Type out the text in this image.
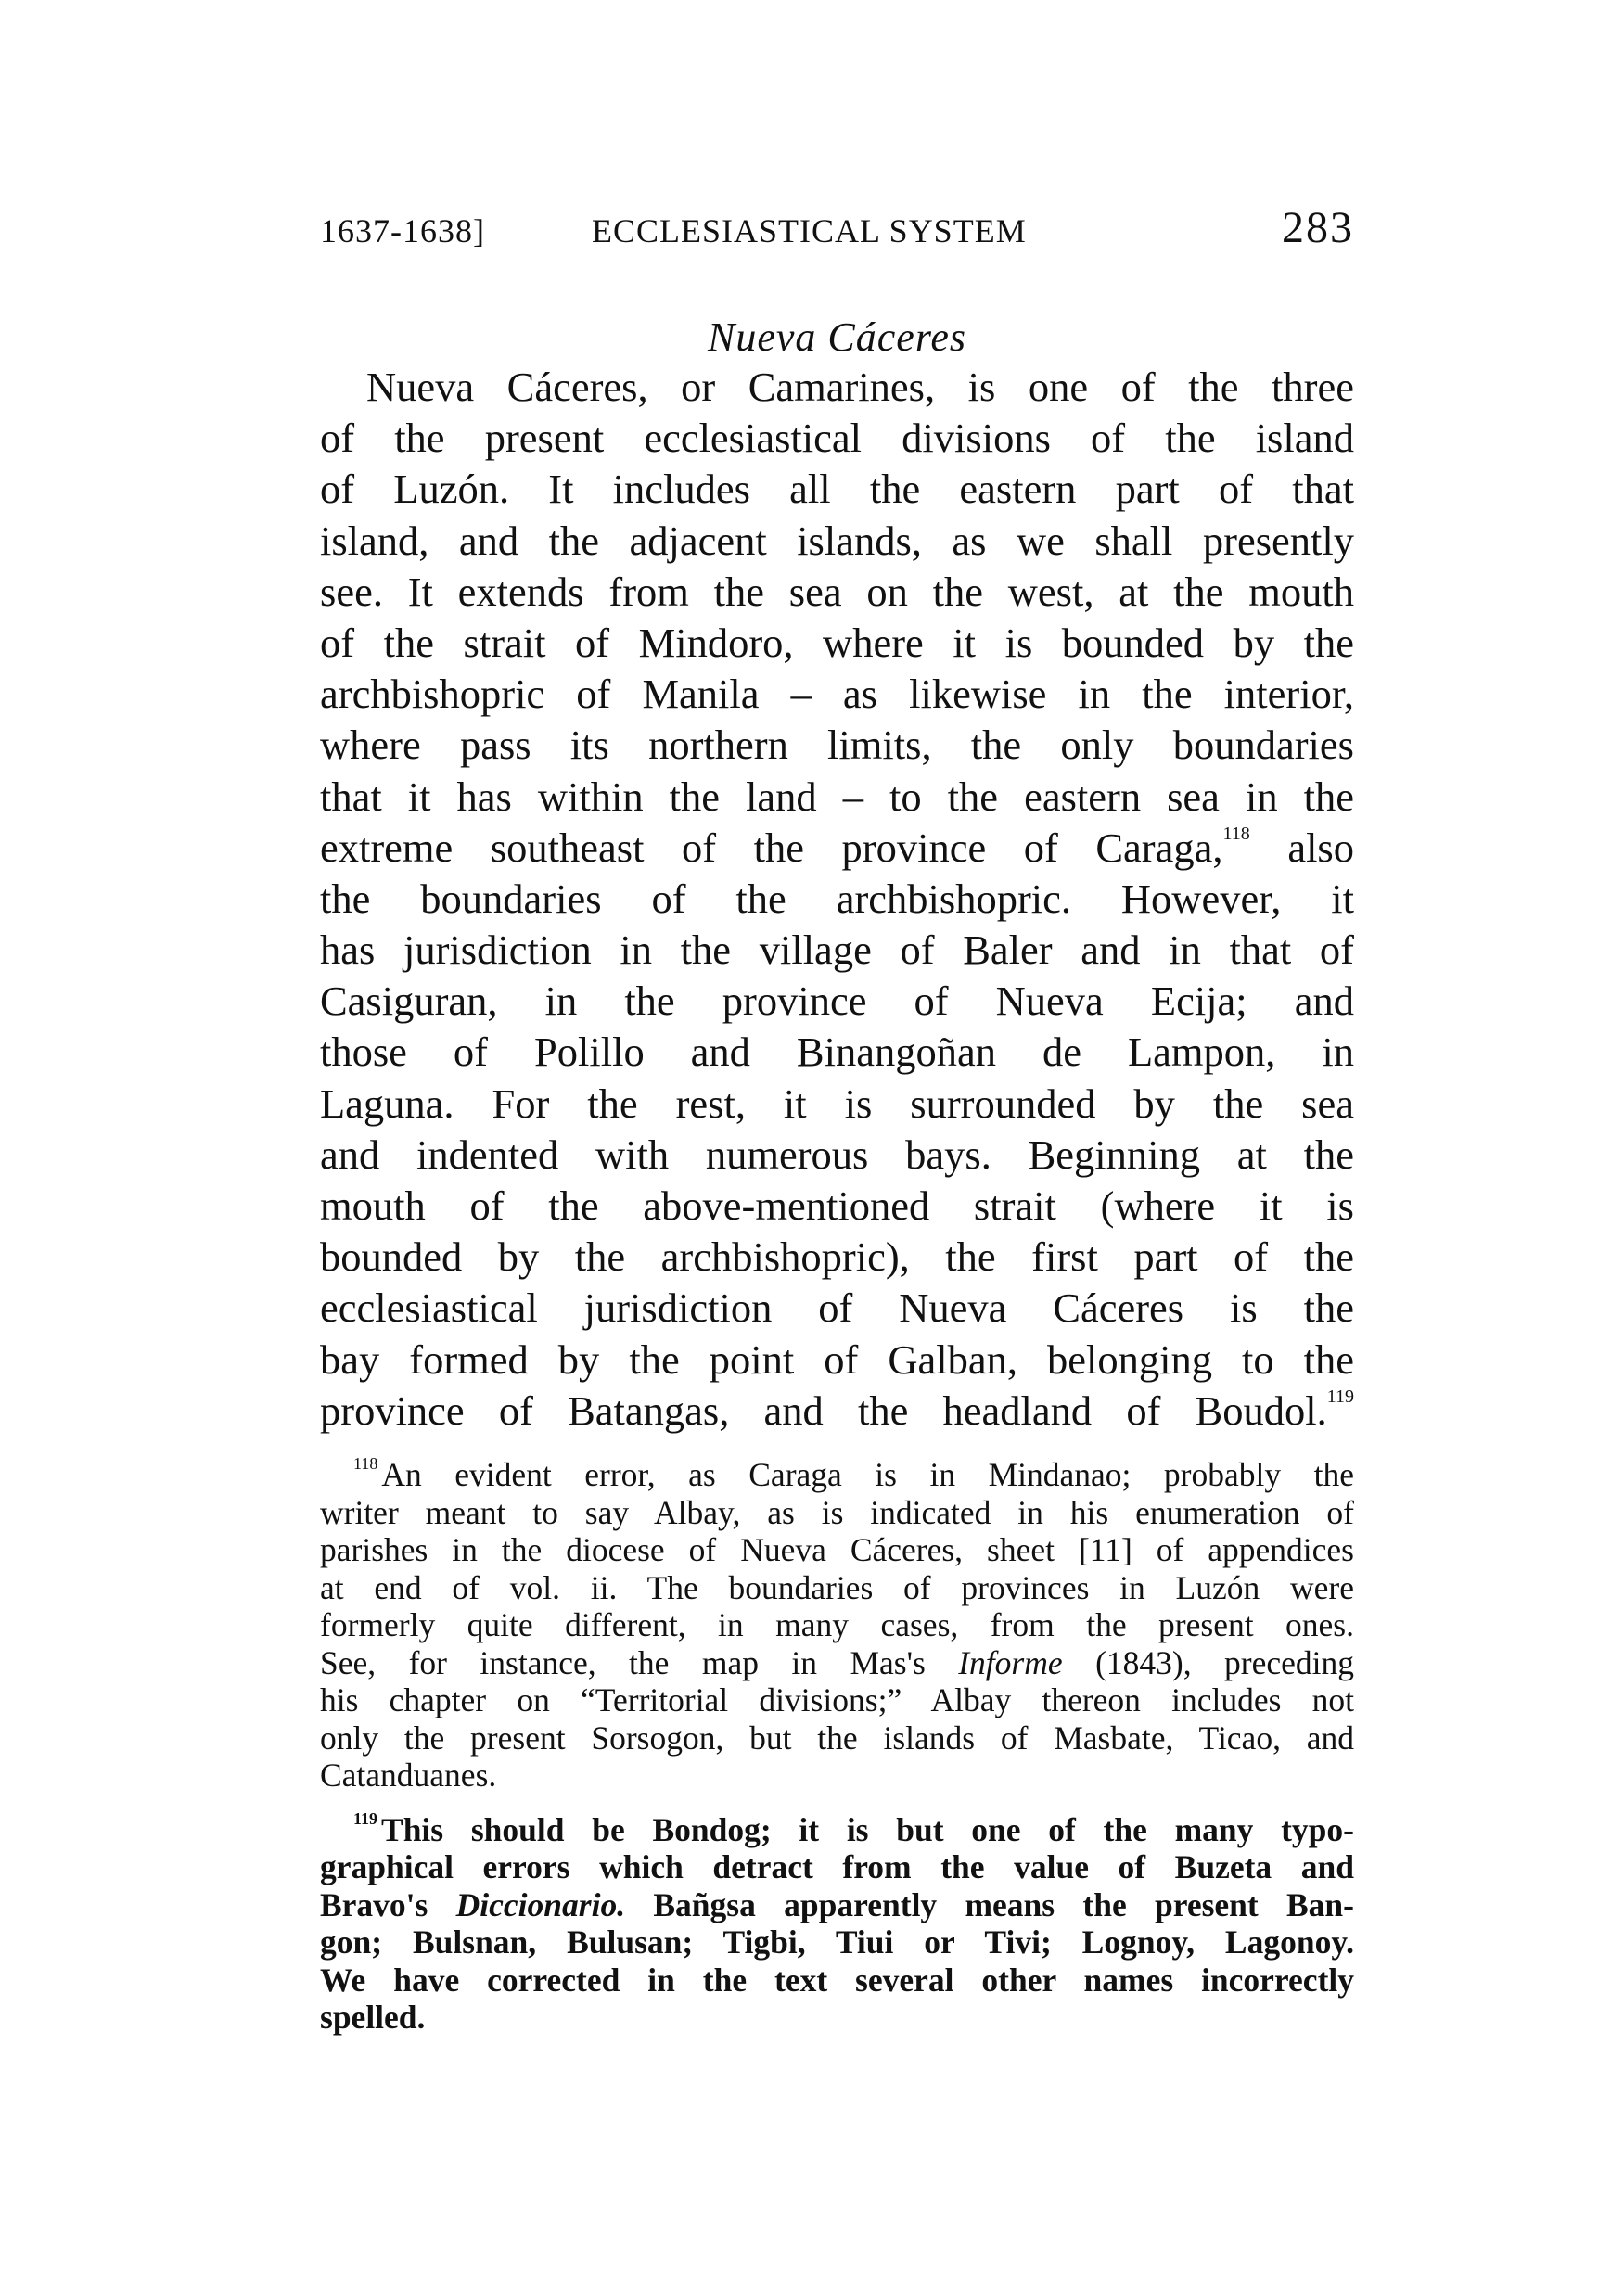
1637-1638]	ECCLESIASTICAL SYSTEM	283
Nueva Cáceres
Nueva Cáceres, or Camarines, is one of the three
of the present ecclesiastical divisions of the island
of Luzón. It includes all the eastern part of that
island, and the adjacent islands, as we shall presently
see. It extends from the sea on the west, at the mouth
of the strait of Mindoro, where it is bounded by the
archbishopric of Manila – as likewise in the interior,
where pass its northern limits, the only boundaries
that it has within the land – to the eastern sea in the
extreme southeast of the province of Caraga,$^{118}$ also
the boundaries of the archbishopric. However, it
has jurisdiction in the village of Baler and in that of
Casiguran, in the province of Nueva Ecija; and
those of Polillo and Binangoñan de Lampon, in
Laguna. For the rest, it is surrounded by the sea
and indented with numerous bays. Beginning at the
mouth of the above-mentioned strait (where it is
bounded by the archbishopric), the first part of the
ecclesiastical jurisdiction of Nueva Cáceres is the
bay formed by the point of Galban, belonging to the
province of Batangas, and the headland of Boudol.$^{119}$
$^{118}$ An evident error, as Caraga is in Mindanao; probably the
writer meant to say Albay, as is indicated in his enumeration of
parishes in the diocese of Nueva Cáceres, sheet [11] of appendices
at end of vol. ii. The boundaries of provinces in Luzón were
formerly quite different, in many cases, from the present ones.
See, for instance, the map in Mas's Informe (1843), preceding
his chapter on “Territorial divisions;” Albay thereon includes not
only the present Sorsogon, but the islands of Masbate, Ticao, and
Catanduanes.
$^{119}$ This should be Bondog; it is but one of the many typo-
graphical errors which detract from the value of Buzeta and
Bravo's Diccionario. Bañgsa apparently means the present Ban-
gon; Bulsnan, Bulusan; Tigbi, Tiui or Tivi; Lognoy, Lagonoy.
We have corrected in the text several other names incorrectly
spelled.
